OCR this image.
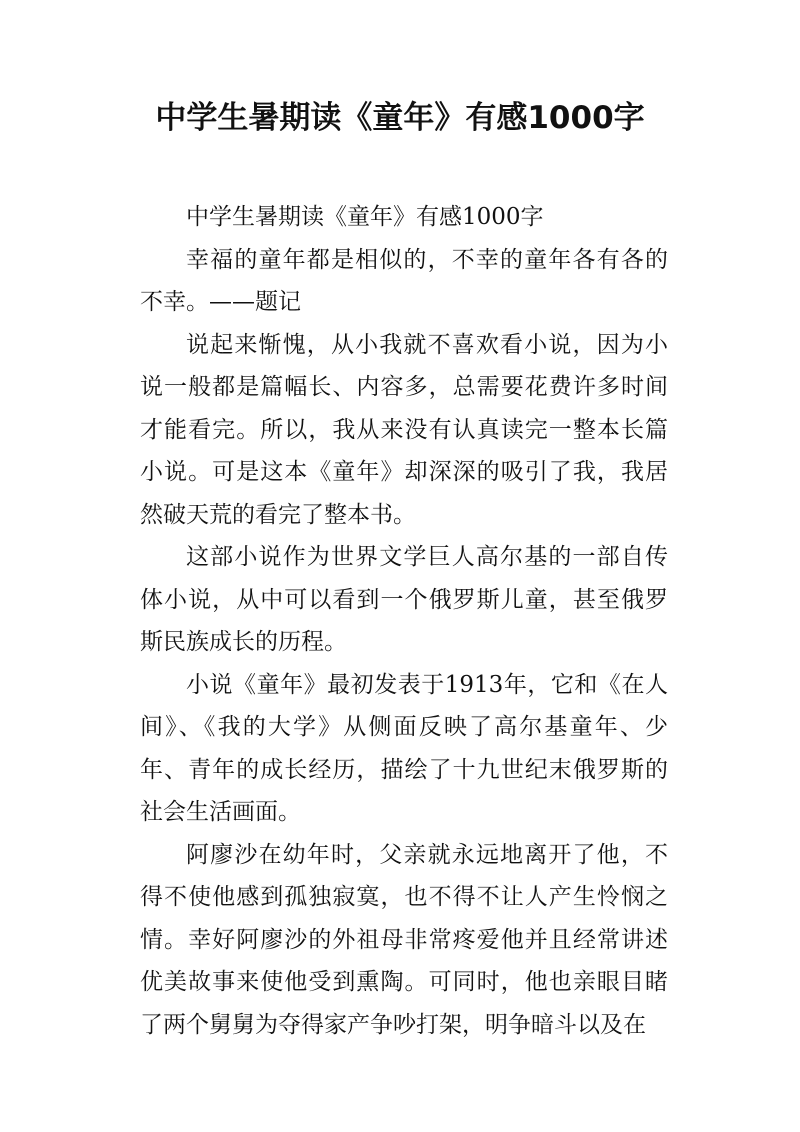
中学生暑期读《童年》有感1000字

中学生暑期读《童年》有感1000字

幸福的童年都是相似的，不幸的童年各有各的不幸。——题记

说起来惭愧，从小我就不喜欢看小说，因为小说一般都是篇幅长、内容多，总需要花费许多时间才能看完。所以，我从来没有认真读完一整本长篇小说。可是这本《童年》却深深的吸引了我，我居然破天荒的看完了整本书。

这部小说作为世界文学巨人高尔基的一部自传体小说，从中可以看到一个俄罗斯儿童，甚至俄罗斯民族成长的历程。

小说《童年》最初发表于1913年，它和《在人间》、《我的大学》从侧面反映了高尔基童年、少年、青年的成长经历，描绘了十九世纪末俄罗斯的社会生活画面。

阿廖沙在幼年时，父亲就永远地离开了他，不得不使他感到孤独寂寞，也不得不让人产生怜悯之情。幸好阿廖沙的外祖母非常疼爱他并且经常讲述优美故事来使他受到熏陶。可同时，他也亲眼目睹了两个舅舅为夺得家产争吵打架，明争暗斗以及在
